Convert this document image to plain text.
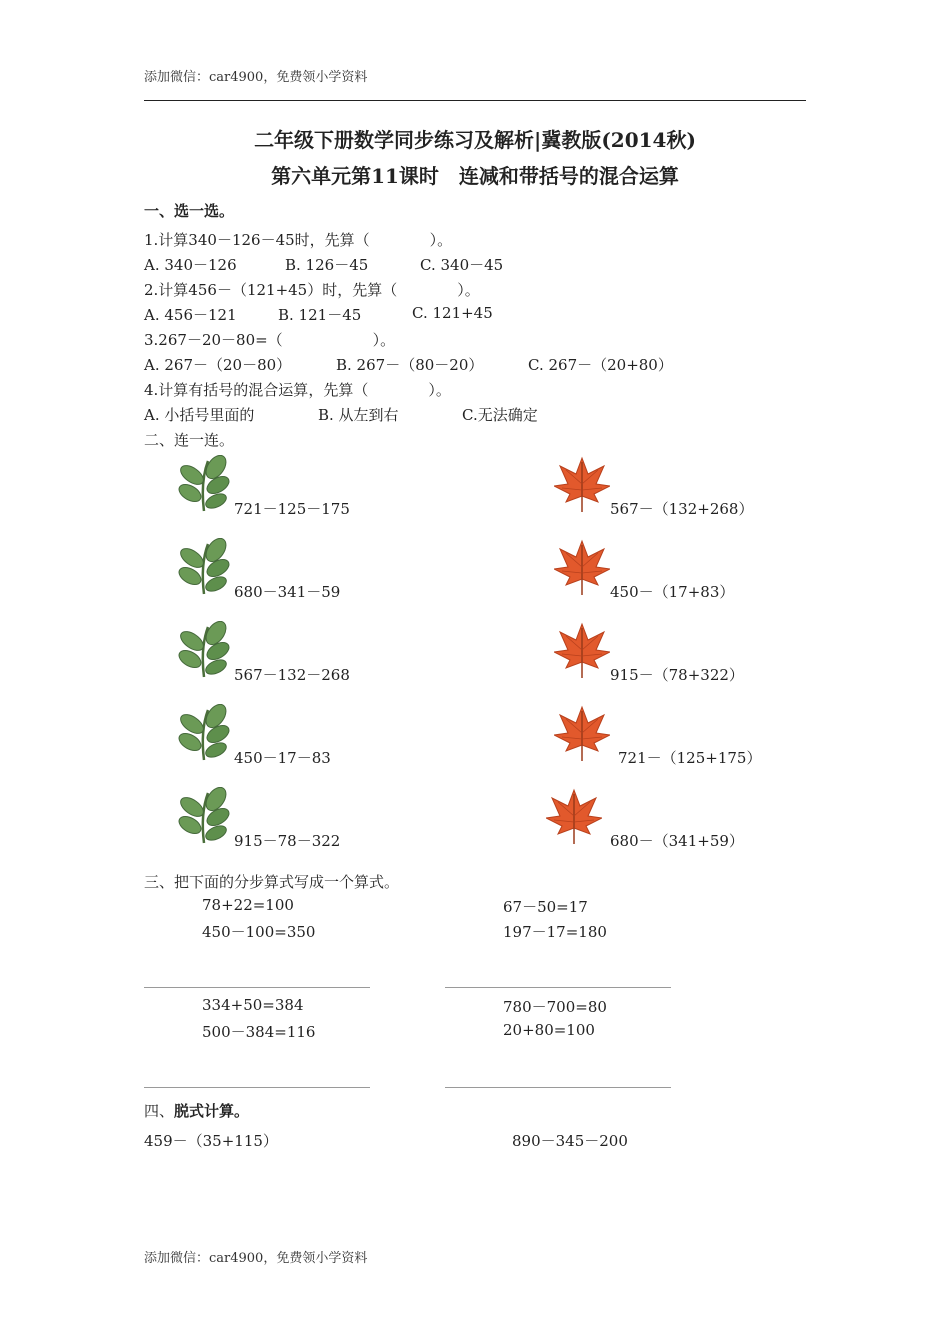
添加微信：car4900，免费领小学资料
二年级下册数学同步练习及解析|冀教版(2014秋)
第六单元第11课时　连减和带括号的混合运算
一、选一选。
1.计算340－126－45时，先算（　　　　）。
A. 340－126	B. 126－45	C. 340－45
2.计算456－（121+45）时，先算（　　　　）。
A. 456－121	B. 121－45	C. 121+45
3.267－20－80=（　　　　　　）。
A. 267－（20－80）	B. 267－（80－20）	C. 267－（20+80）
4.计算有括号的混合运算，先算（　　　　）。
A. 小括号里面的	B. 从左到右	C.无法确定
二、连一连。
721－125－175
680－341－59
567－132－268
450－17－83
915－78－322
567－（132+268）
450－（17+83）
915－（78+322）
721－（125+175）
680－（341+59）
三、把下面的分步算式写成一个算式。
78+22=100
450－100=350
67－50=17
197－17=180
334+50=384
500－384=116
780－700=80
20+80=100
四、脱式计算。
459－（35+115）	890－345－200
添加微信：car4900，免费领小学资料
